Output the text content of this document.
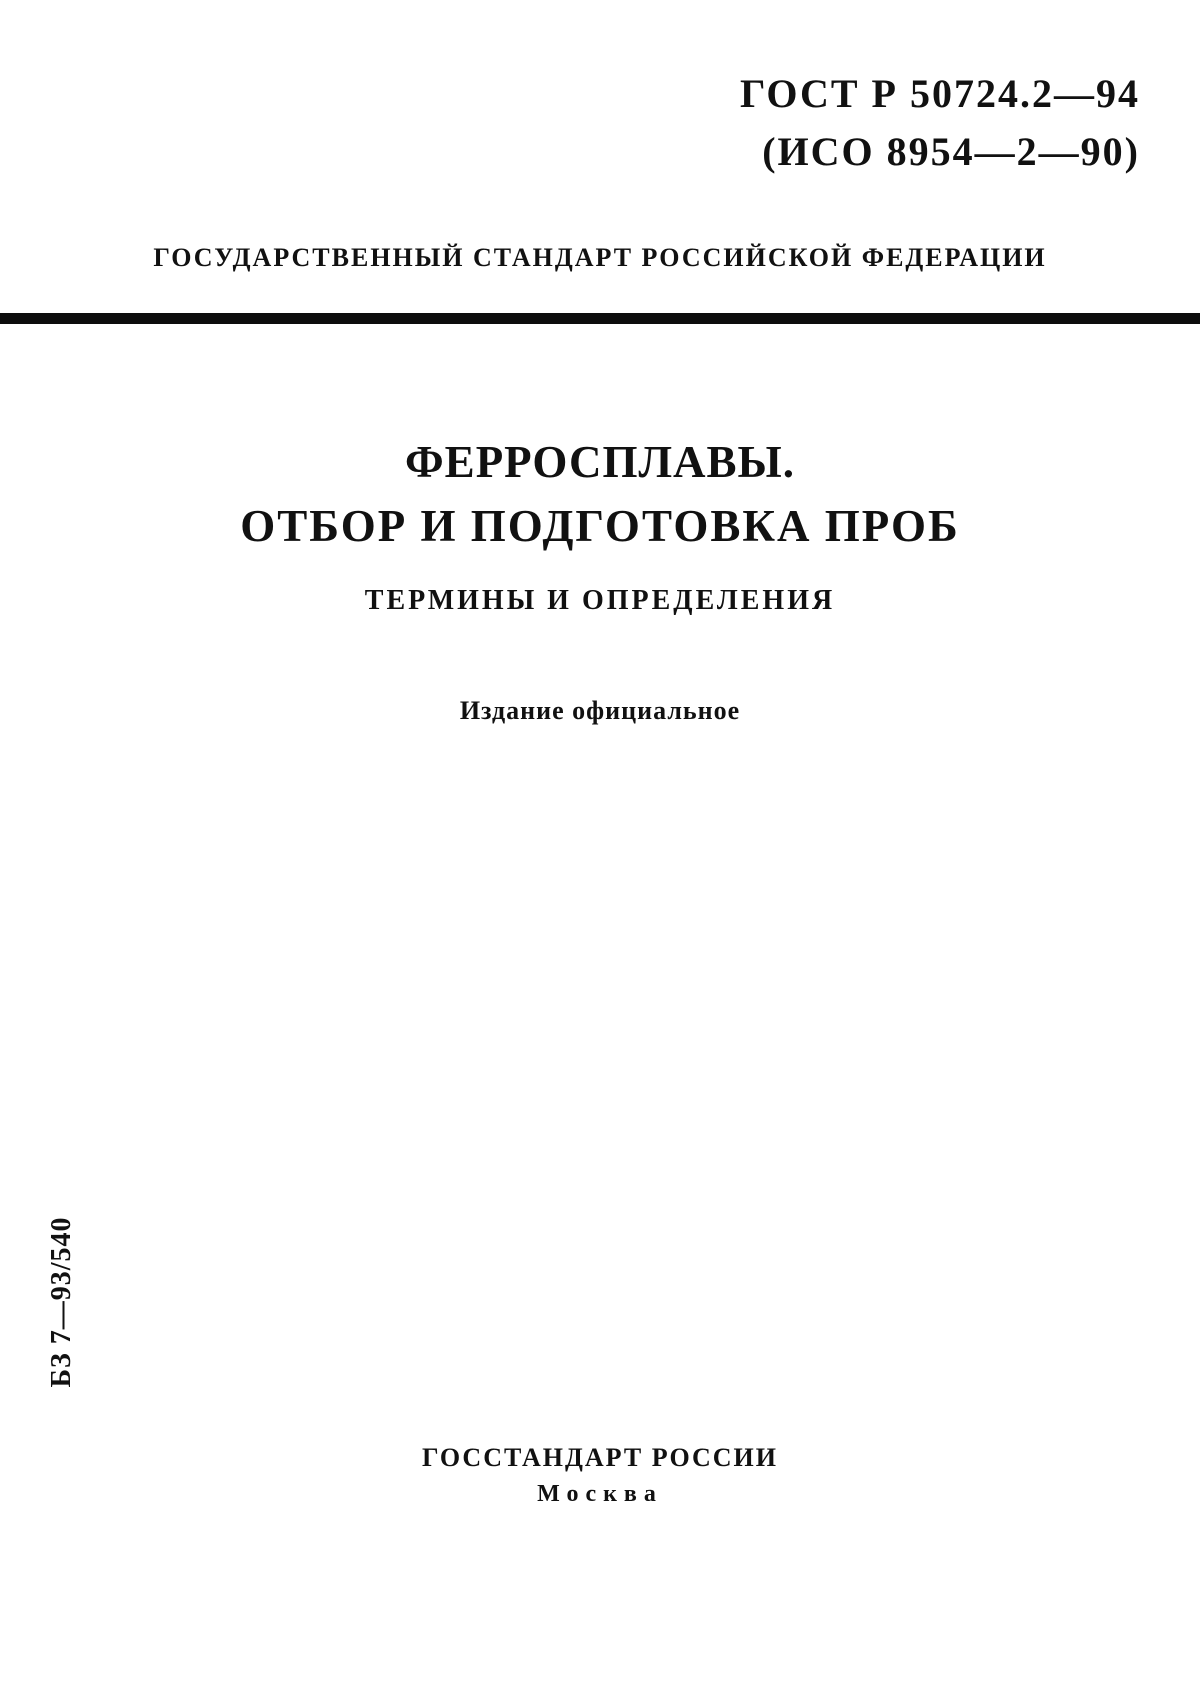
ГОСТ Р 50724.2—94
(ИСО 8954—2—90)
ГОСУДАРСТВЕННЫЙ СТАНДАРТ РОССИЙСКОЙ ФЕДЕРАЦИИ
ФЕРРОСПЛАВЫ.
ОТБОР И ПОДГОТОВКА ПРОБ
ТЕРМИНЫ И ОПРЕДЕЛЕНИЯ
Издание официальное
БЗ 7—93/540
ГОССТАНДАРТ РОССИИ
Москва
